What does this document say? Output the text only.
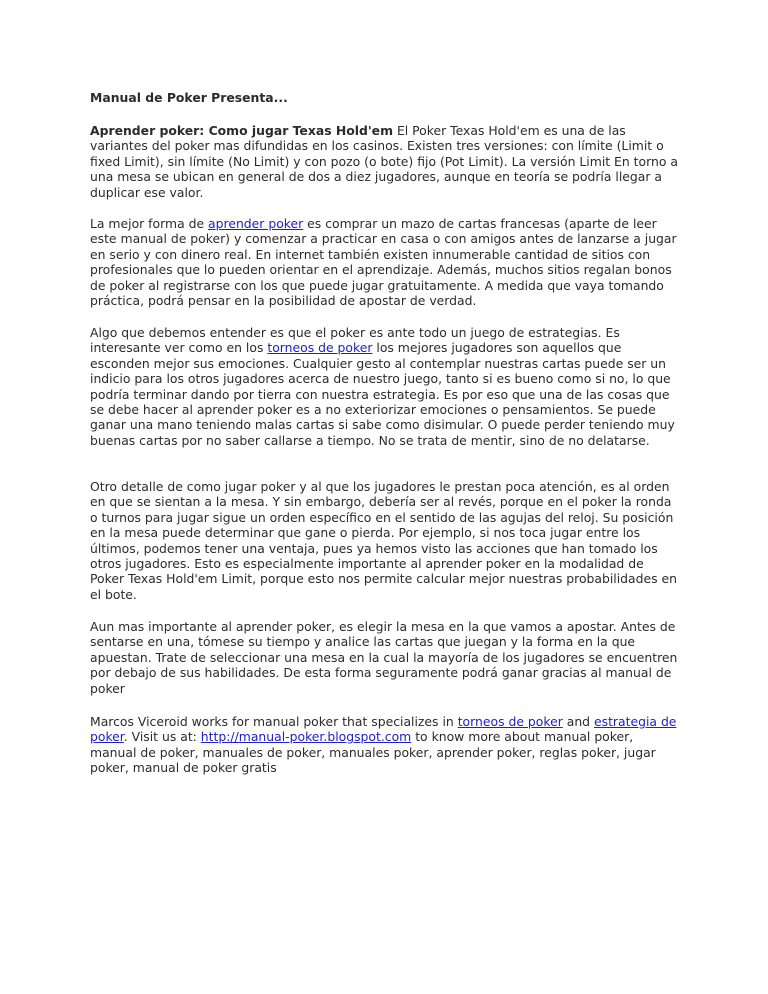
Manual de Poker Presenta...

Aprender poker: Como jugar Texas Hold'em El Poker Texas Hold'em es una de las variantes del poker mas difundidas en los casinos. Existen tres versiones: con límite (Limit o fixed Limit), sin límite (No Limit) y con pozo (o bote) fijo (Pot Limit). La versión Limit En torno a una mesa se ubican en general de dos a diez jugadores, aunque en teoría se podría llegar a duplicar ese valor.

La mejor forma de aprender poker es comprar un mazo de cartas francesas (aparte de leer este manual de poker) y comenzar a practicar en casa o con amigos antes de lanzarse a jugar en serio y con dinero real. En internet también existen innumerable cantidad de sitios con profesionales que lo pueden orientar en el aprendizaje. Además, muchos sitios regalan bonos de poker al registrarse con los que puede jugar gratuitamente. A medida que vaya tomando práctica, podrá pensar en la posibilidad de apostar de verdad.

Algo que debemos entender es que el poker es ante todo un juego de estrategias. Es interesante ver como en los torneos de poker los mejores jugadores son aquellos que esconden mejor sus emociones. Cualquier gesto al contemplar nuestras cartas puede ser un indicio para los otros jugadores acerca de nuestro juego, tanto si es bueno como si no, lo que podría terminar dando por tierra con nuestra estrategia. Es por eso que una de las cosas que se debe hacer al aprender poker es a no exteriorizar emociones o pensamientos. Se puede ganar una mano teniendo malas cartas si sabe como disimular. O puede perder teniendo muy buenas cartas por no saber callarse a tiempo. No se trata de mentir, sino de no delatarse.

Otro detalle de como jugar poker y al que los jugadores le prestan poca atención, es al orden en que se sientan a la mesa. Y sin embargo, debería ser al revés, porque en el poker la ronda o turnos para jugar sigue un orden específico en el sentido de las agujas del reloj. Su posición en la mesa puede determinar que gane o pierda. Por ejemplo, si nos toca jugar entre los últimos, podemos tener una ventaja, pues ya hemos visto las acciones que han tomado los otros jugadores. Esto es especialmente importante al aprender poker en la modalidad de Poker Texas Hold'em Limit, porque esto nos permite calcular mejor nuestras probabilidades en el bote.

Aun mas importante al aprender poker, es elegir la mesa en la que vamos a apostar. Antes de sentarse en una, tómese su tiempo y analice las cartas que juegan y la forma en la que apuestan. Trate de seleccionar una mesa en la cual la mayoría de los jugadores se encuentren por debajo de sus habilidades. De esta forma seguramente podrá ganar gracias al manual de poker

Marcos Viceroid works for manual poker that specializes in torneos de poker and estrategia de poker. Visit us at: http://manual-poker.blogspot.com to know more about manual poker, manual de poker, manuales de poker, manuales poker, aprender poker, reglas poker, jugar poker, manual de poker gratis
